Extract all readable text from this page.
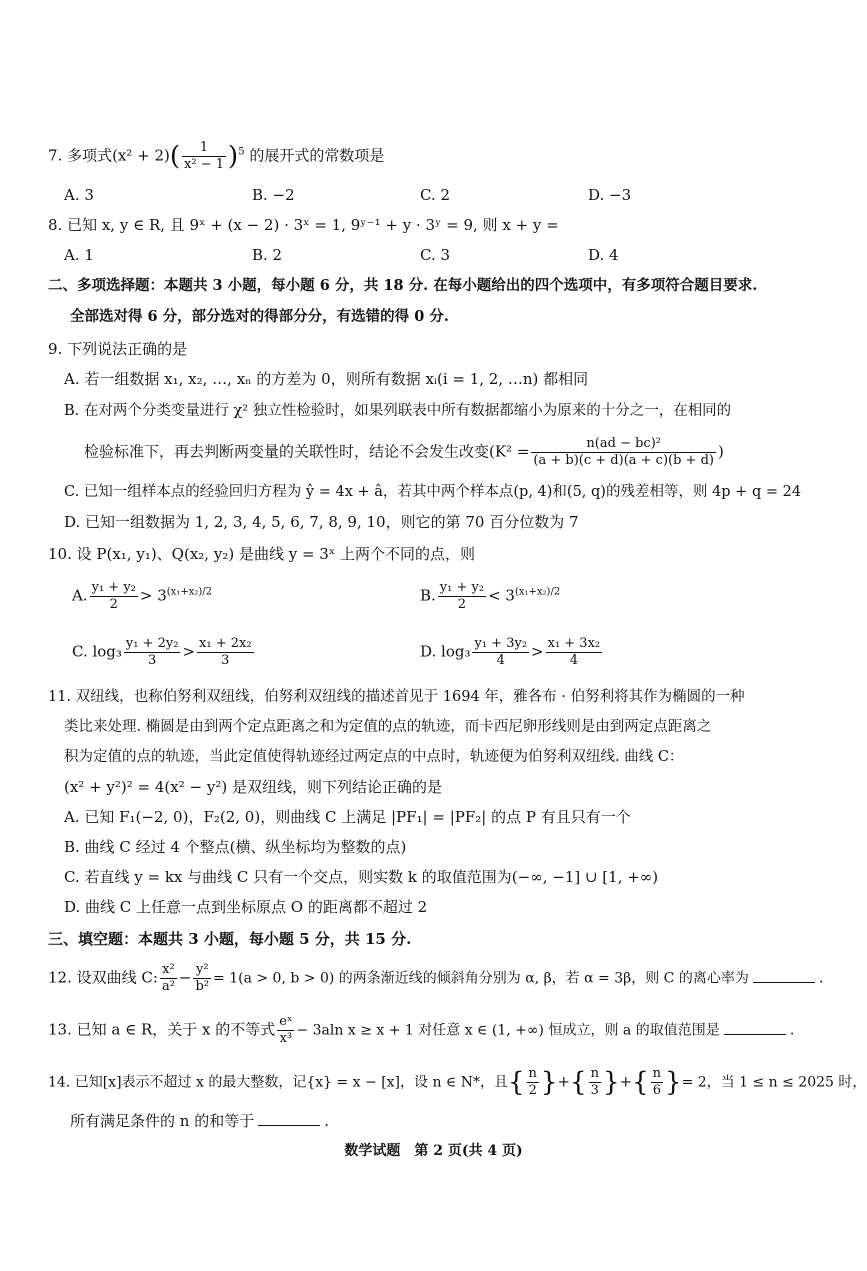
7. 多项式$(x^2 + 2)( \frac{1}{\text{x² − 1}} )^5$ 的展开式的常数项是
A. 3	B. −2	C. 2	D. −3
8. 已知 x, y ∈ R, 且 9ˣ + (x − 2) · 3ˣ = 1, 9ʸ⁻¹ + y · 3ʸ = 9, 则 x + y =
A. 1	B. 2	C. 3	D. 4
二、多项选择题：本题共 3 小题，每小题 6 分，共 18 分. 在每小题给出的四个选项中，有多项符合题目要求.
全部选对得 6 分，部分选对的得部分分，有选错的得 0 分.
9. 下列说法正确的是
A. 若一组数据 x₁, x₂, …, xₙ 的方差为 0，则所有数据 xᵢ(i = 1, 2, …n) 都相同
B. 在对两个分类变量进行 χ² 独立性检验时，如果列联表中所有数据都缩小为原来的十分之一，在相同的
检验标准下，再去判断两变量的关联性时，结论不会发生改变($K^2 = \frac{\text{n(ad − bc)²}}{(a + b)(c + d)(a + c)(b + d)}$ )
C. 已知一组样本点的经验回归方程为 ŷ = 4x + â，若其中两个样本点(p, 4)和(5, q)的残差相等，则 4p + q = 24
D. 已知一组数据为 1, 2, 3, 4, 5, 6, 7, 8, 9, 10，则它的第 70 百分位数为 7
10. 设 P(x₁, y₁)、Q(x₂, y₂) 是曲线 y = 3ˣ 上两个不同的点，则
A. $\frac{\text{y₁ + y₂}}{2} > 3^{(x_1+x_2)/2}$	B. $\frac{\text{y₁ + y₂}}{2} < 3^{(x_1+x_2)/2}$
C. $\log_3 \frac{\text{y₁ + 2y₂}}{3} > \frac{\text{x₁ + 2x₂}}{3}$	D. $\log_3 \frac{\text{y₁ + 3y₂}}{4} > \frac{\text{x₁ + 3x₂}}{4}$
11. 双纽线，也称伯努利双纽线，伯努利双纽线的描述首见于 1694 年，雅各布 · 伯努利将其作为椭圆的一种
类比来处理. 椭圆是由到两个定点距离之和为定值的点的轨迹，而卡西尼卵形线则是由到两定点距离之
积为定值的点的轨迹，当此定值使得轨迹经过两定点的中点时，轨迹便为伯努利双纽线. 曲线 C：
(x² + y²)² = 4(x² − y²) 是双纽线，则下列结论正确的是
A. 已知 F₁(−2, 0)，F₂(2, 0)，则曲线 C 上满足 |PF₁| = |PF₂| 的点 P 有且只有一个
B. 曲线 C 经过 4 个整点(横、纵坐标均为整数的点)
C. 若直线 y = kx 与曲线 C 只有一个交点，则实数 k 的取值范围为(−∞, −1] ∪ [1, +∞)
D. 曲线 C 上任意一点到坐标原点 O 的距离都不超过 2
三、填空题：本题共 3 小题，每小题 5 分，共 15 分.
12. 设双曲线 C: $\frac{\text{x²}}{\text{a²}} - \frac{\text{y²}}{\text{b²}} = 1(a > 0$, b > 0) 的两条渐近线的倾斜角分别为 α, β，若 α = 3β，则 C 的离心率为	.
13. 已知 a ∈ R，关于 x 的不等式 $\frac{\text{eˣ}}{\text{x³}} - 3aln$ x ≥ x + 1 对任意 x ∈ (1, +∞) 恒成立，则 a 的取值范围是	.
14. 已知[x]表示不超过 x 的最大整数，记{x} = x − [x]，设 n ∈ N*，且{ $\frac{n}{2}$ }+{ $\frac{n}{3}$ }+{ $\frac{n}{6}$ }= 2，当 1 ≤ n ≤ 2025 时，
所有满足条件的 n 的和等于	.
数学试题　第 2 页(共 4 页)
